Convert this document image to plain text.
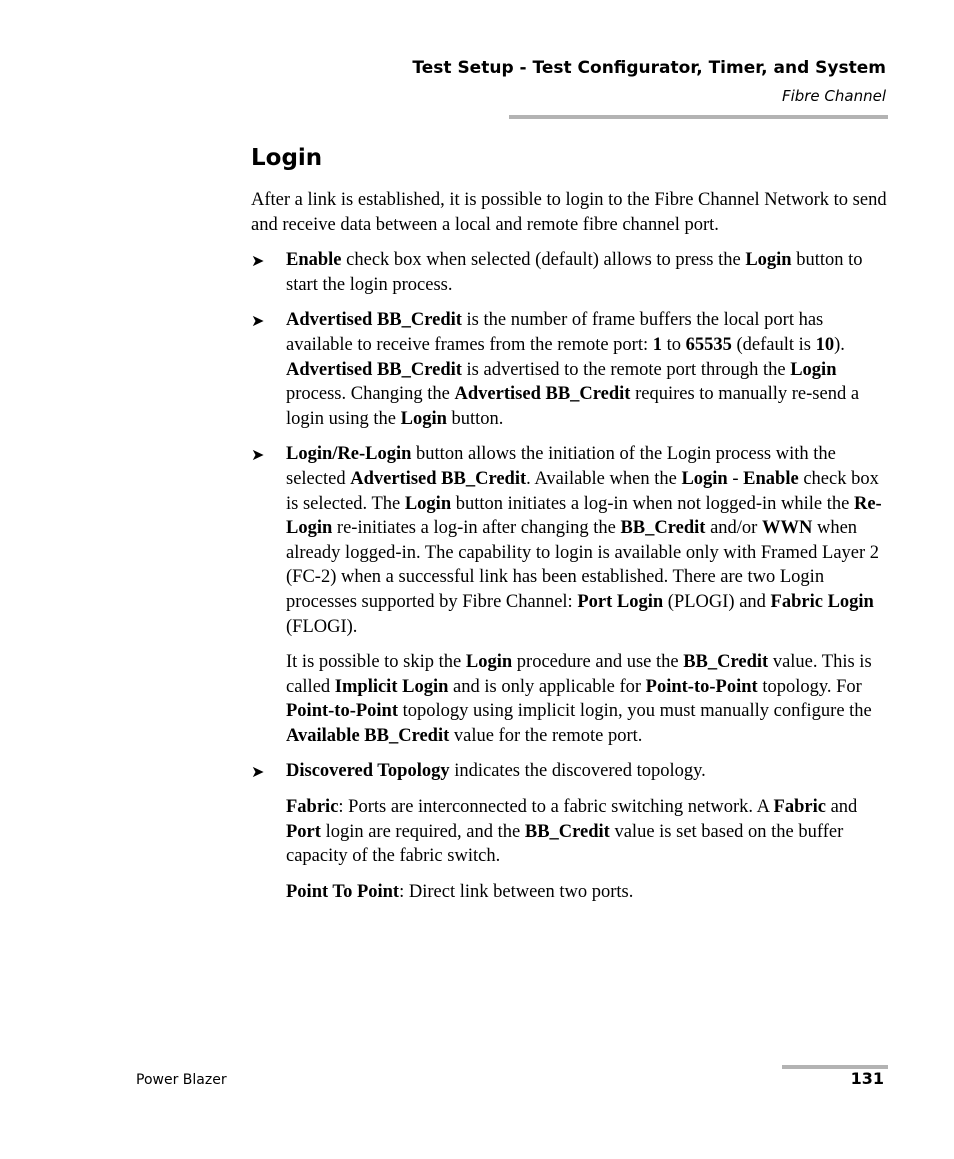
Test Setup - Test Configurator, Timer, and System
Fibre Channel
Login

After a link is established, it is possible to login to the Fibre Channel Network to send and receive data between a local and remote fibre channel port.

➤ Enable check box when selected (default) allows to press the Login button to start the login process.

➤ Advertised BB_Credit is the number of frame buffers the local port has available to receive frames from the remote port: 1 to 65535 (default is 10). Advertised BB_Credit is advertised to the remote port through the Login process. Changing the Advertised BB_Credit requires to manually re-send a login using the Login button.

➤ Login/Re-Login button allows the initiation of the Login process with the selected Advertised BB_Credit. Available when the Login - Enable check box is selected. The Login button initiates a log-in when not logged-in while the Re-Login re-initiates a log-in after changing the BB_Credit and/or WWN when already logged-in. The capability to login is available only with Framed Layer 2 (FC-2) when a successful link has been established. There are two Login processes supported by Fibre Channel: Port Login (PLOGI) and Fabric Login (FLOGI).

It is possible to skip the Login procedure and use the BB_Credit value. This is called Implicit Login and is only applicable for Point-to-Point topology. For Point-to-Point topology using implicit login, you must manually configure the Available BB_Credit value for the remote port.

➤ Discovered Topology indicates the discovered topology.

Fabric: Ports are interconnected to a fabric switching network. A Fabric and Port login are required, and the BB_Credit value is set based on the buffer capacity of the fabric switch.

Point To Point: Direct link between two ports.

Power Blazer	131
